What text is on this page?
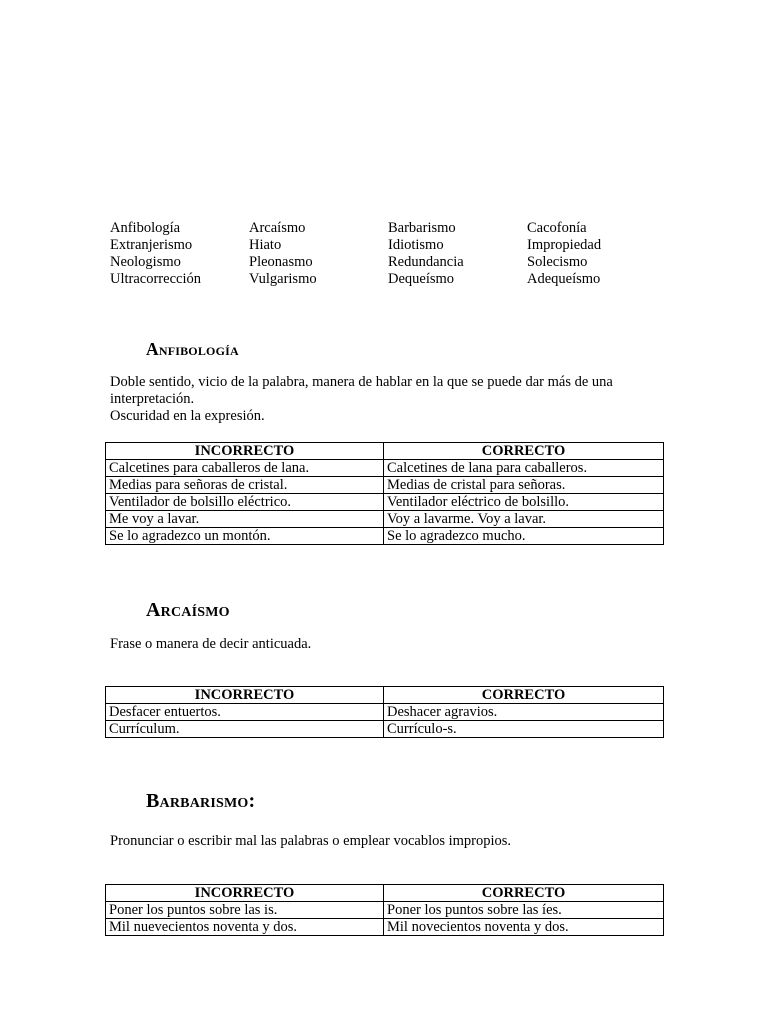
Anfibología	Arcaísmo	Barbarismo	Cacofonía
Extranjerismo	Hiato	Idiotismo	Impropiedad
Neologismo	Pleonasmo	Redundancia	Solecismo
Ultracorrección	Vulgarismo	Dequeísmo	Adequeísmo
Anfibología

Doble sentido, vicio de la palabra, manera de hablar en la que se puede dar más de una interpretación.

Oscuridad en la expresión.

INCORRECTO	CORRECTO
Calcetines para caballeros de lana.	Calcetines de lana para caballeros.
Medias para señoras de cristal.	Medias de cristal para señoras.
Ventilador de bolsillo eléctrico.	Ventilador eléctrico de bolsillo.
Me voy a lavar.	Voy a lavarme. Voy a lavar.
Se lo agradezco un montón.	Se lo agradezco mucho.
Arcaísmo

Frase o manera de decir anticuada.

INCORRECTO	CORRECTO
Desfacer entuertos.	Deshacer agravios.
Currículum.	Currículo-s.
Barbarismo:

Pronunciar o escribir mal las palabras o emplear vocablos impropios.

INCORRECTO	CORRECTO
Poner los puntos sobre las is.	Poner los puntos sobre las íes.
Mil nuevecientos noventa y dos.	Mil novecientos noventa y dos.
